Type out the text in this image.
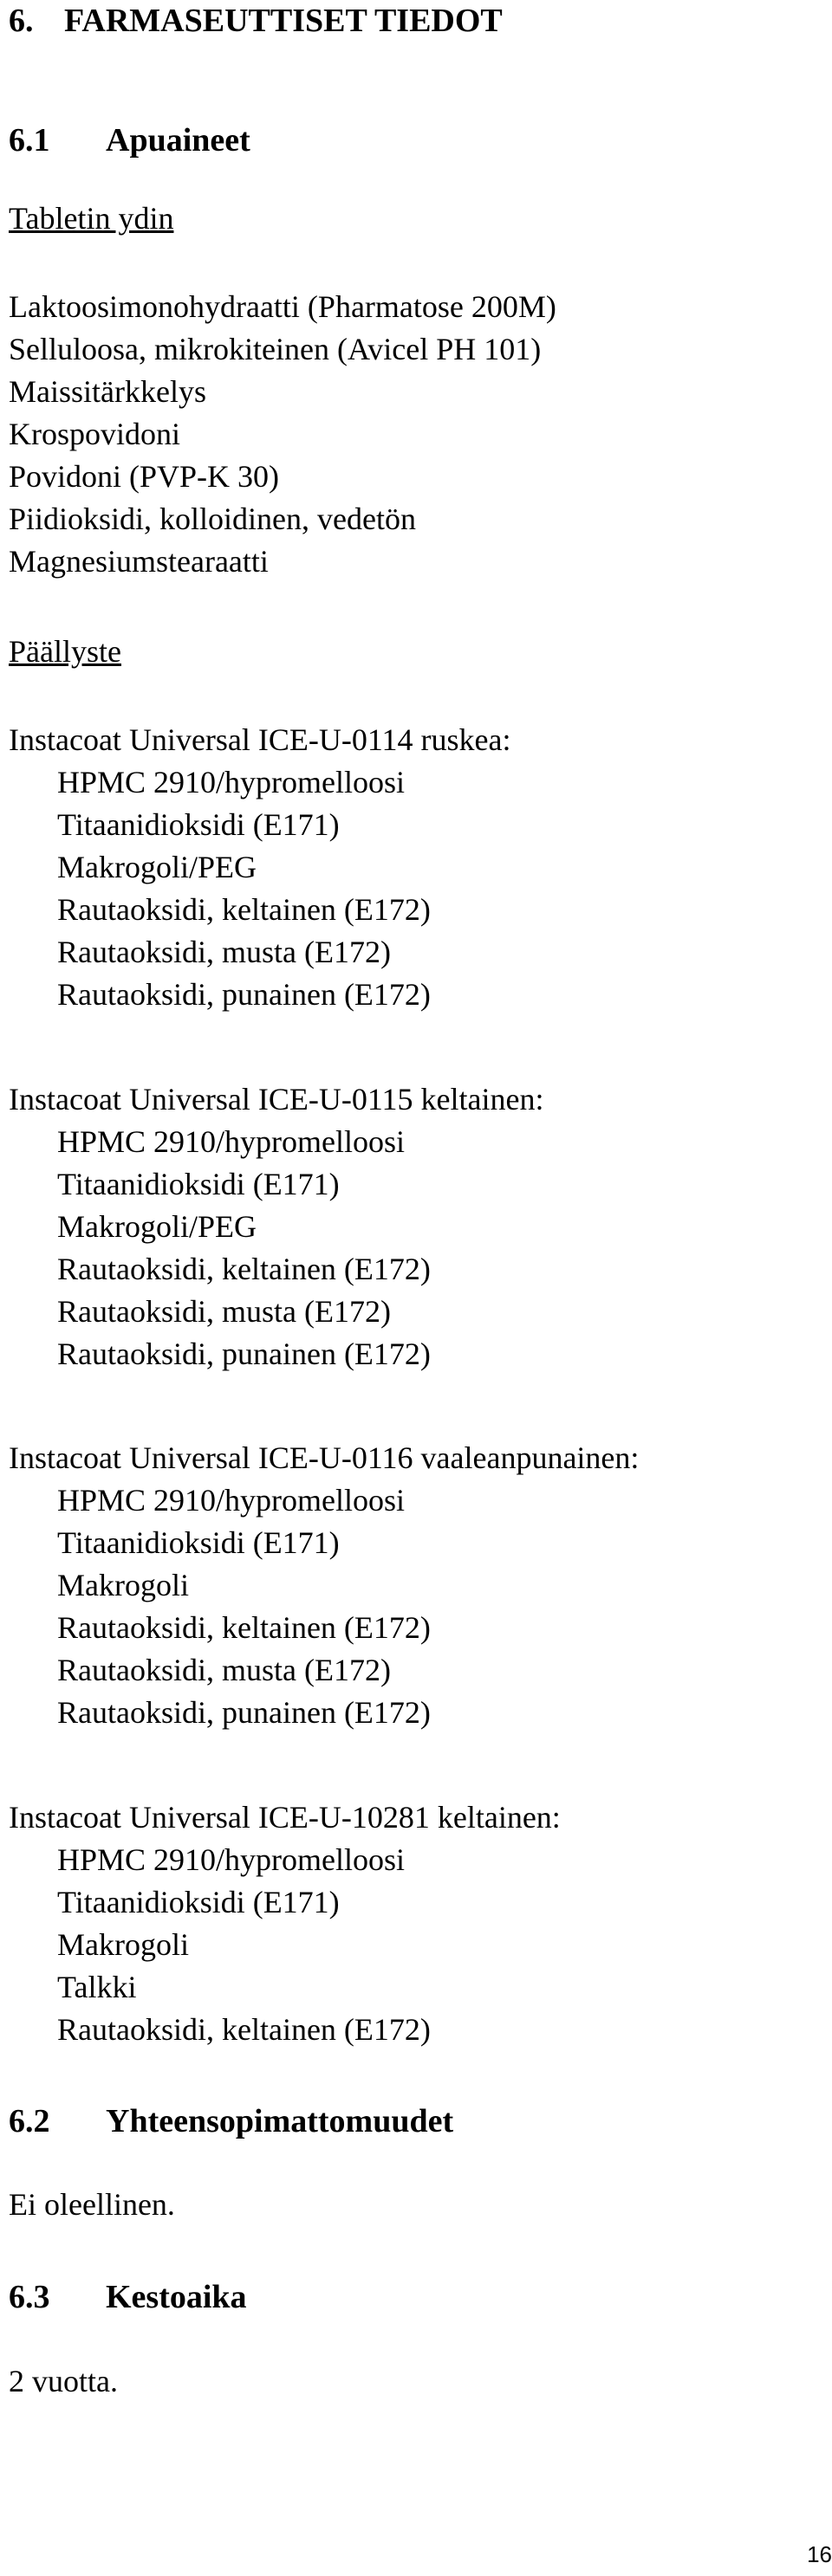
6. FARMASEUTTISET TIEDOT
6.1 Apuaineet
Tabletin ydin
Laktoosimonohydraatti (Pharmatose 200M)
Selluloosa, mikrokiteinen (Avicel PH 101)
Maissitärkkelys
Krospovidoni
Povidoni (PVP-K 30)
Piidioksidi, kolloidinen, vedetön
Magnesiumstearaatti
Päällyste
Instacoat Universal ICE-U-0114 ruskea:
HPMC 2910/hypromelloosi
Titaanidioksidi (E171)
Makrogoli/PEG
Rautaoksidi, keltainen (E172)
Rautaoksidi, musta (E172)
Rautaoksidi, punainen (E172)
Instacoat Universal ICE-U-0115 keltainen:
HPMC 2910/hypromelloosi
Titaanidioksidi (E171)
Makrogoli/PEG
Rautaoksidi, keltainen (E172)
Rautaoksidi, musta (E172)
Rautaoksidi, punainen (E172)
Instacoat Universal ICE-U-0116 vaaleanpunainen:
HPMC 2910/hypromelloosi
Titaanidioksidi (E171)
Makrogoli
Rautaoksidi, keltainen (E172)
Rautaoksidi, musta (E172)
Rautaoksidi, punainen (E172)
Instacoat Universal ICE-U-10281 keltainen:
HPMC 2910/hypromelloosi
Titaanidioksidi (E171)
Makrogoli
Talkki
Rautaoksidi, keltainen (E172)
6.2 Yhteensopimattomuudet
Ei oleellinen.
6.3 Kestoaika
2 vuotta.
16
